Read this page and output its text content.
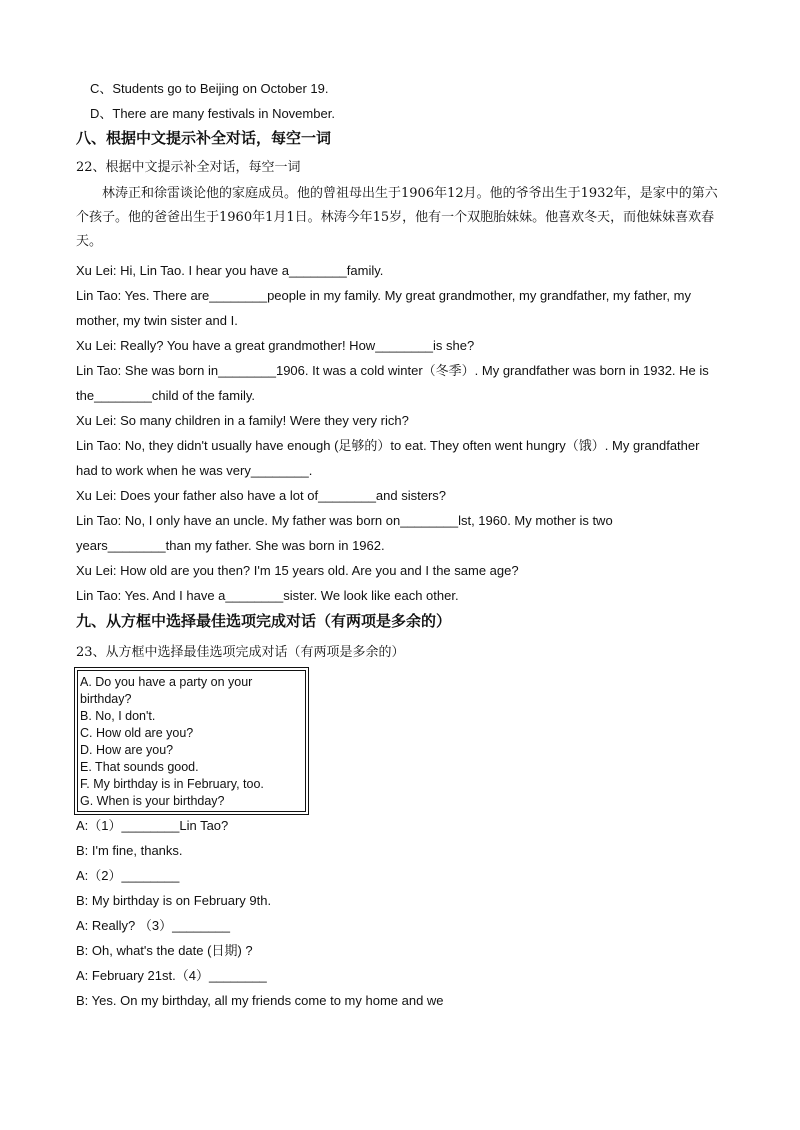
C、Students go to Beijing on October 19.
D、There are many festivals in November.
八、根据中文提示补全对话，每空一词
22、根据中文提示补全对话，每空一词
林涛正和徐雷谈论他的家庭成员。他的曾祖母出生于1906年12月。他的爷爷出生于1932年，是家中的第六个孩子。他的爸爸出生于1960年1月1日。林涛今年15岁，他有一个双胞胎妹妹。他喜欢冬天，而他妹妹喜欢春天。
Xu Lei: Hi, Lin Tao. I hear you have a________family.
Lin Tao: Yes. There are________people in my family. My great grandmother, my grandfather, my father, my
mother, my twin sister and I.
Xu Lei: Really? You have a great grandmother! How________is she?
Lin Tao: She was born in________1906. It was a cold winter（冬季）. My grandfather was born in 1932. He is
the________child of the family.
Xu Lei: So many children in a family! Were they very rich?
Lin Tao: No, they didn't usually have enough (足够的）to eat. They often went hungry（饿）. My grandfather
had to work when he was very________.
Xu Lei: Does your father also have a lot of________and sisters?
Lin Tao: No, I only have an uncle. My father was born on________lst, 1960. My mother is two
years________than my father. She was born in 1962.
Xu Lei: How old are you then? I'm 15 years old. Are you and I the same age?
Lin Tao: Yes. And I have a________sister. We look like each other.
九、从方框中选择最佳选项完成对话（有两项是多余的）
23、从方框中选择最佳选项完成对话（有两项是多余的）
A. Do you have a party on your
birthday?
B. No, I don't.
C. How old are you?
D. How are you?
E. That sounds good.
F. My birthday is in February, too.
G. When is your birthday?
A:（1）________Lin Tao?
B: I'm fine, thanks.
A:（2）________
B: My birthday is on February 9th.
A: Really? （3）________
B: Oh, what's the date (日期) ?
A: February 21st.（4）________
B: Yes. On my birthday, all my friends come to my home and we
